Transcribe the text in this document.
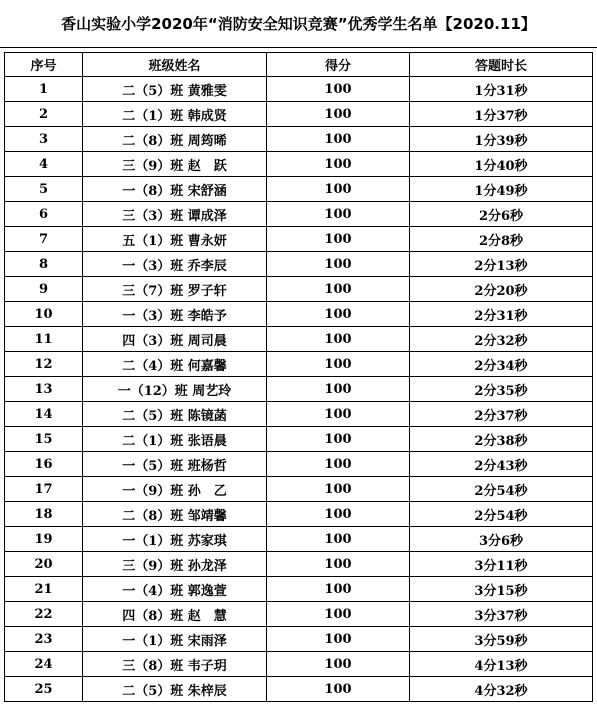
香山实验小学2020年“消防安全知识竞赛”优秀学生名单【2020.11】
序号	班级姓名	得分	答题时长
1	二（5）班 黄雅雯	100	1分31秒
2	二（1）班 韩成贤	100	1分37秒
3	二（8）班 周筠晞	100	1分39秒
4	三（9）班 赵　跃	100	1分40秒
5	一（8）班 宋舒涵	100	1分49秒
6	三（3）班 谭成泽	100	2分6秒
7	五（1）班 曹永妍	100	2分8秒
8	一（3）班 乔李辰	100	2分13秒
9	三（7）班 罗子轩	100	2分20秒
10	一（3）班 李皓予	100	2分31秒
11	四（3）班 周司晨	100	2分32秒
12	二（4）班 何嘉馨	100	2分34秒
13	一（12）班 周艺玲	100	2分35秒
14	二（5）班 陈镜菡	100	2分37秒
15	二（1）班 张语晨	100	2分38秒
16	一（5）班 班杨哲	100	2分43秒
17	一（9）班 孙　乙	100	2分54秒
18	二（8）班 邹靖馨	100	2分54秒
19	一（1）班 苏家琪	100	3分6秒
20	三（9）班 孙龙泽	100	3分11秒
21	一（4）班 郭逸萱	100	3分15秒
22	四（8）班 赵　慧	100	3分37秒
23	一（1）班 宋雨泽	100	3分59秒
24	三（8）班 韦子玥	100	4分13秒
25	二（5）班 朱梓辰	100	4分32秒
